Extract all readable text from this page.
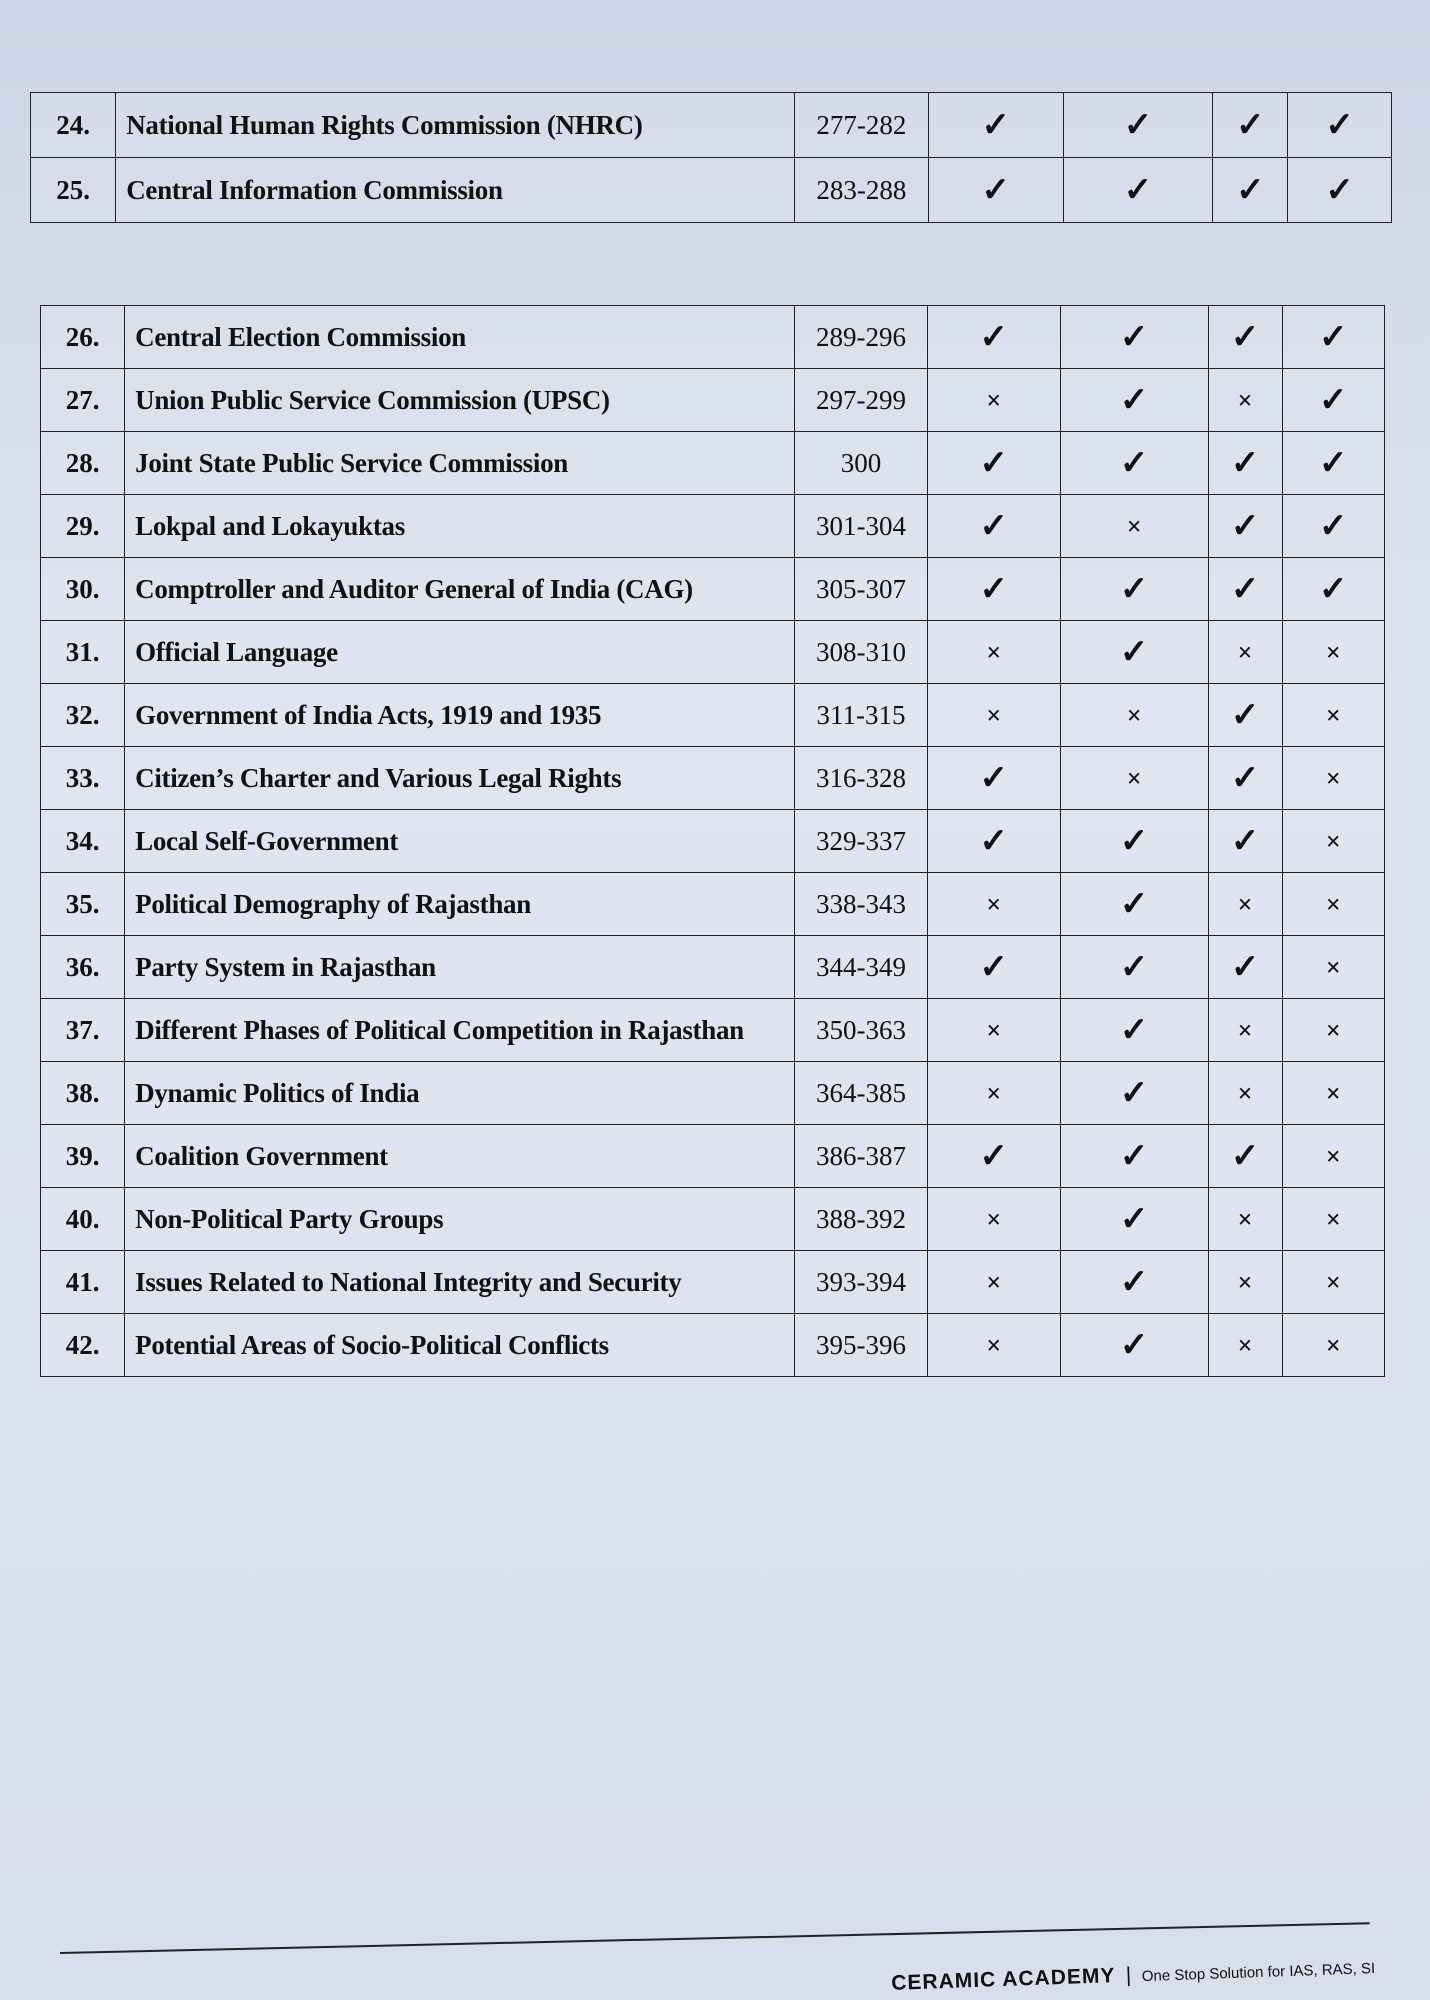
24.	National Human Rights Commission (NHRC)	277-282	✓	✓	✓	✓
25.	Central Information Commission	283-288	✓	✓	✓	✓
26.	Central Election Commission	289-296	✓	✓	✓	✓
27.	Union Public Service Commission (UPSC)	297-299	×	✓	×	✓
28.	Joint State Public Service Commission	300	✓	✓	✓	✓
29.	Lokpal and Lokayuktas	301-304	✓	×	✓	✓
30.	Comptroller and Auditor General of India (CAG)	305-307	✓	✓	✓	✓
31.	Official Language	308-310	×	✓	×	×
32.	Government of India Acts, 1919 and 1935	311-315	×	×	✓	×
33.	Citizen’s Charter and Various Legal Rights	316-328	✓	×	✓	×
34.	Local Self-Government	329-337	✓	✓	✓	×
35.	Political Demography of Rajasthan	338-343	×	✓	×	×
36.	Party System in Rajasthan	344-349	✓	✓	✓	×
37.	Different Phases of Political Competition in Rajasthan	350-363	×	✓	×	×
38.	Dynamic Politics of India	364-385	×	✓	×	×
39.	Coalition Government	386-387	✓	✓	✓	×
40.	Non-Political Party Groups	388-392	×	✓	×	×
41.	Issues Related to National Integrity and Security	393-394	×	✓	×	×
42.	Potential Areas of Socio-Political Conflicts	395-396	×	✓	×	×
CERAMIC ACADEMY | One Stop Solution for IAS, RAS, SI
